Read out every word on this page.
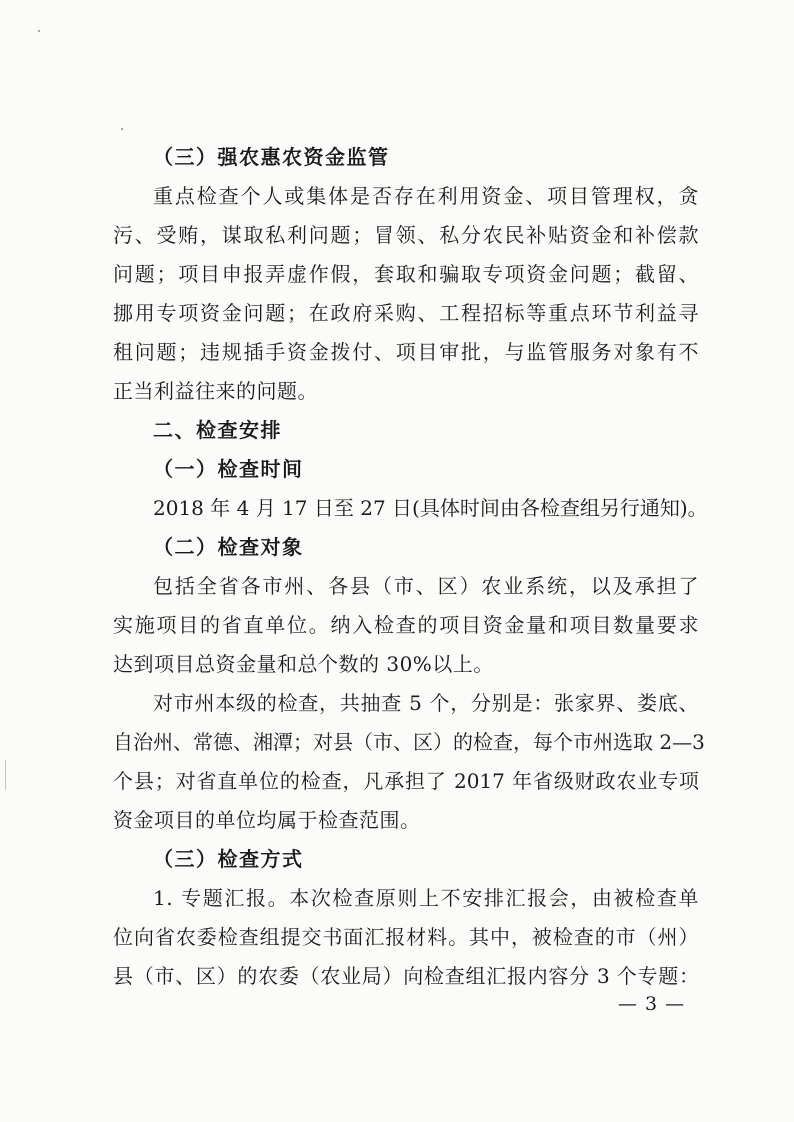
（三）强农惠农资金监管
重点检查个人或集体是否存在利用资金、项目管理权，贪
污、受贿，谋取私利问题；冒领、私分农民补贴资金和补偿款
问题；项目申报弄虚作假，套取和骗取专项资金问题；截留、
挪用专项资金问题；在政府采购、工程招标等重点环节利益寻
租问题；违规插手资金拨付、项目审批，与监管服务对象有不
正当利益往来的问题。
二、检查安排
（一）检查时间
2018 年 4 月 17 日至 27 日(具体时间由各检查组另行通知)。
（二）检查对象
包括全省各市州、各县（市、区）农业系统，以及承担了
实施项目的省直单位。纳入检查的项目资金量和项目数量要求
达到项目总资金量和总个数的 30%以上。
对市州本级的检查，共抽查 5 个，分别是：张家界、娄底、
自治州、常德、湘潭；对县（市、区）的检查，每个市州选取 2—3
个县；对省直单位的检查，凡承担了 2017 年省级财政农业专项
资金项目的单位均属于检查范围。
（三）检查方式
1. 专题汇报。本次检查原则上不安排汇报会，由被检查单
位向省农委检查组提交书面汇报材料。其中，被检查的市（州）
县（市、区）的农委（农业局）向检查组汇报内容分 3 个专题：
— 3 —
